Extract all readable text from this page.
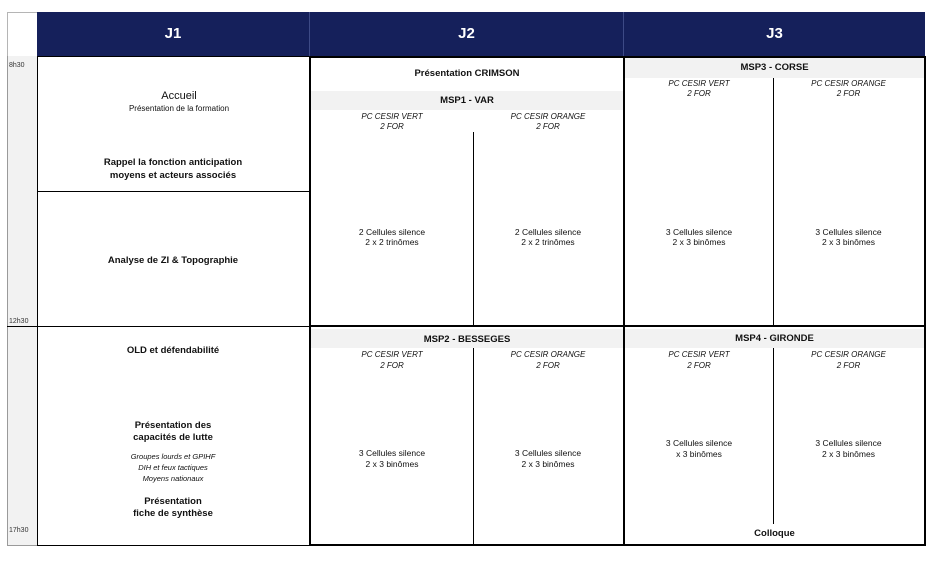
J1	J2	J3
8h30
12h30
17h30
Accueil
Présentation de la formation
Rappel la fonction anticipation
moyens et acteurs associés
Analyse de ZI & Topographie
OLD et défendabilité
Présentation des
capacités de lutte
Groupes lourds et GPIHF
DIH et feux tactiques
Moyens nationaux
Présentation
fiche de synthèse
Présentation CRIMSON
MSP1 - VAR
PC CESIR VERT
2 FOR
PC CESIR ORANGE
2 FOR
2 Cellules silence
2 x 2 trinômes
2 Cellules silence
2 x 2 trinômes
MSP2 - BESSEGES
PC CESIR VERT
2 FOR
PC CESIR ORANGE
2 FOR
3 Cellules silence
2 x 3 binômes
3 Cellules silence
2 x 3 binômes
MSP3 - CORSE
PC CESIR VERT
2 FOR
PC CESIR ORANGE
2 FOR
3 Cellules silence
2 x 3 binômes
3 Cellules silence
2 x 3 binômes
MSP4 - GIRONDE
PC CESIR VERT
2 FOR
PC CESIR ORANGE
2 FOR
3 Cellules silence
x 3 binômes
3 Cellules silence
2 x 3 binômes
Colloque
